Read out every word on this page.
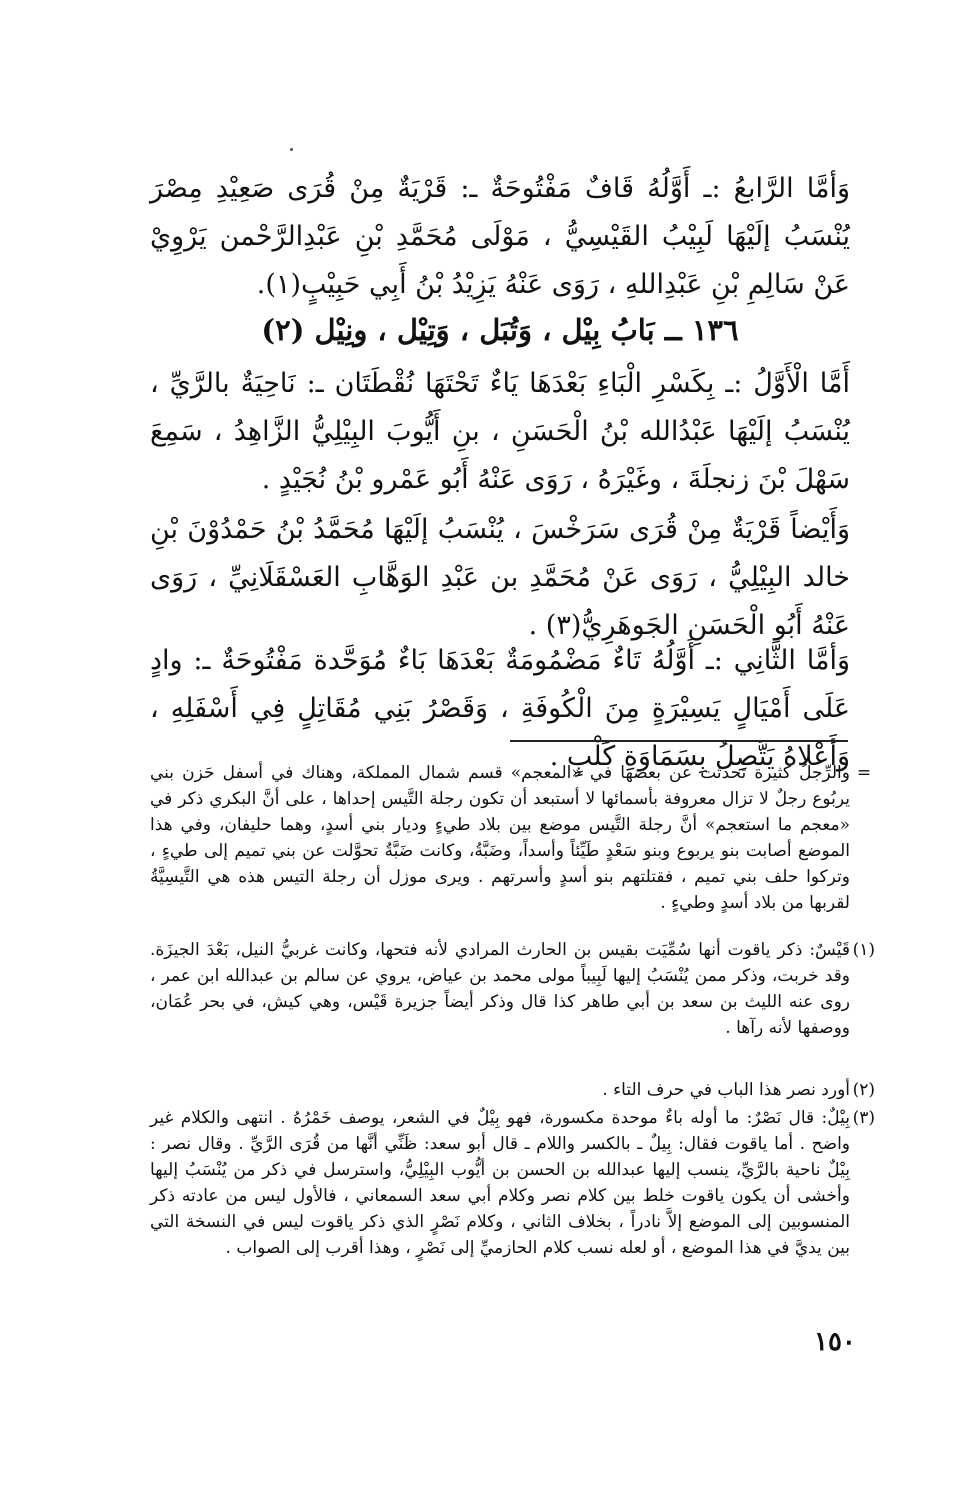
وَأمَّا الرَّابعُ :ـ أَوَّلُهُ قَافٌ مَفْتُوحَةٌ ـ: قَرْيَةٌ مِنْ قُرَى صَعِيْدِ مِصْرَ يُنْسَبُ إلَيْهَا لَبِيْبُ القَيْسِيُّ ، مَوْلَى مُحَمَّدِ بْنِ عَبْدِالرَّحْمن يَرْوِيْ عَنْ سَالِمِ بْنِ عَبْدِاللهِ ، رَوَى عَنْهُ يَزِيْدُ بْنُ أَبِي حَبِيْبٍ(١).

١٣٦ ــ بَابُ بِيْل ، وَتُبَل ، وَتِيْل ، ونِيْل (٢)

أَمَّا الْأَوَّلُ :ـ بِكَسْرِ الْبَاءِ بَعْدَهَا يَاءٌ تَحْتَهَا نُقْطَتَان ـ: نَاحِيَةٌ بالرَّيِّ ، يُنْسَبُ إلَيْهَا عَبْدُالله بْنُ الْحَسَنِ ، بنِ أَيُّوبَ البِيْلِيُّ الزَّاهِدُ ، سَمِعَ سَهْلَ بْنَ زنجلَةَ ، وغَيْرَهُ ، رَوَى عَنْهُ أَبُو عَمْرو بْنُ نُجَيْدٍ .

وَأَيْضاً قَرْيَةٌ مِنْ قُرَى سَرَخْسَ ، يُنْسَبُ إلَيْهَا مُحَمَّدُ بْنُ حَمْدُوْنَ بْنِ خالد البِيْلِيُّ ، رَوَى عَنْ مُحَمَّدِ بن عَبْدِ الوَهَّابِ العَسْقَلَانِيِّ ، رَوَى عَنْهُ أَبُو الْحَسَنِ الجَوهَرِيُّ(٣) .

وَأمَّا الثَّانِي :ـ أَوَّلُهُ تَاءٌ مَضْمُومَةٌ بَعْدَهَا بَاءٌ مُوَحَّدة مَفْتُوحَةٌ ـ: وادٍ عَلَى أَمْيَالٍ يَسِيْرَةٍ مِنَ الْكُوفَةِ ، وَقَصْرُ بَنِي مُقَاتِلٍ فِي أَسْفَلِهِ ، وَأَعْلاهُ يَتَّصِلُ بِسَمَاوَةِ كَلْبٍ .

=
والرِّجلُ كثيرة تحدثت عن بعضها في «المعجم» قسم شمال المملكة، وهناك في أسفل حَزن بني يربُوع رجلٌ لا تزال معروفة بأسمائها لا أستبعد أن تكون رجلة التَّيس إحداها ، على أنَّ البكري ذكر في «معجم ما استعجم» أنَّ رجلة التَّيس موضع بين بلاد طيءٍ وديار بني أسدٍ، وهما حليفان، وفي هذا الموضع أصابت بنو يربوع وبنو سَعْدٍ طَيِّئاً وأسداً، وضَبَّةُ، وكانت ضَبَّةُ تحوَّلت عن بني تميم إلى طيءٍ ، وتركوا حلف بني تميم ، فقتلتهم بنو أسدٍ وأسرتهم . ويرى موزل أن رجلة التيس هذه هي التَّيسِيَّةُ لقربها من بلاد أسدٍ وطيءٍ .
(١)
قَيْسٌ: ذكر ياقوت أنها سُمِّيَت بقيس بن الحارث المرادي لأنه فتحها، وكانت غربيُّ النيل، بَعْدَ الجيزَة. وقد خربت، وذكر ممن يُنْسَبُ إليها لَبِيباً مولى محمد بن عياض، يروي عن سالم بن عبدالله ابن عمر ، روى عنه الليث بن سعد بن أبي طاهر كذا قال وذكر أيضاً جزيرة قَيْس، وهي كيش، في بحر عُمَان، ووصفها لأنه رآها .
(٢)
أورد نصر هذا الباب في حرف التاء .
(٣)
بِيْلٌ: قال نَصْرٌ: ما أوله باءٌ موحدة مكسورة، فهو بِيْلٌ في الشعر، يوصف خَمْرُهُ . انتهى والكلام غير واضح . أما ياقوت فقال: بِيلٌ ـ بالكسر واللام ـ قال أبو سعد: ظَنِّي أنَّها من قُرَى الرَّيِّ . وقال نصر : بِيْلٌ ناحية بالرَّيِّ، ينسب إليها عبدالله بن الحسن بن أيُّوب البِيْلِيُّ، واسترسل في ذكر من يُنْسَبُ إليها وأخشى أن يكون ياقوت خلط بين كلام نصر وكلام أبي سعد السمعاني ، فالأول ليس من عادته ذكر المنسوبين إلى الموضع إلاَّ نادراً ، بخلاف الثاني ، وكلام نَصْرٍ الذي ذكر ياقوت ليس في النسخة التي بين يديَّ في هذا الموضع ، أو لعله نسب كلام الحازميِّ إلى نَصْرٍ ، وهذا أقرب إلى الصواب .
١٥٠
